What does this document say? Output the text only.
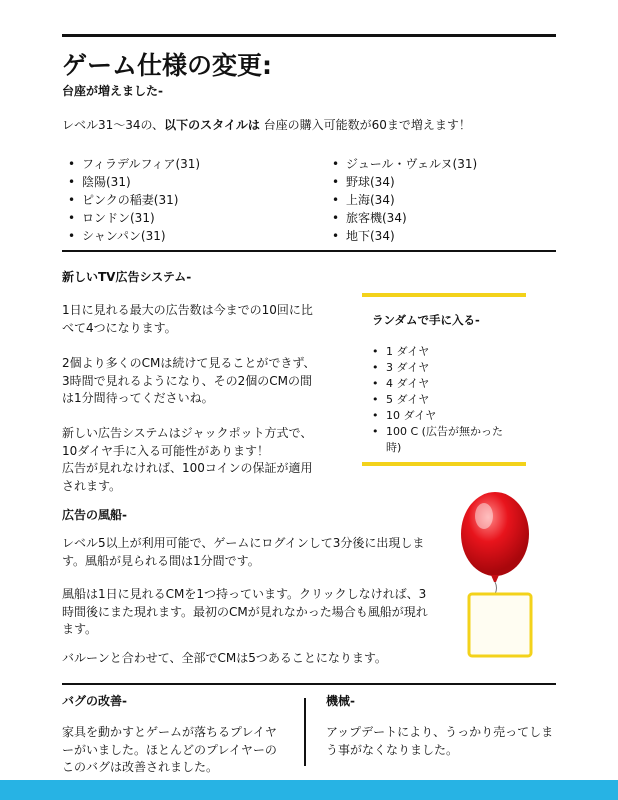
ゲーム仕様の変更:

台座が増えました-

レベル31〜34の、以下のスタイルは 台座の購入可能数が60まで増えます！

• フィラデルフィア(31)
• 陰陽(31)
• ピンクの稲妻(31)
• ロンドン(31)
• シャンパン(31)
• ジュール・ヴェルヌ(31)
• 野球(34)
• 上海(34)
• 旅客機(34)
• 地下(34)

新しいTV広告システム-

1日に見れる最大の広告数は今までの10回に比
べて4つになります。

2個より多くのCMは続けて見ることができず、
3時間で見れるようになり、その2個のCMの間
は1分間待ってくださいね。

新しい広告システムはジャックポット方式で、
10ダイヤ手に入る可能性があります！
広告が見れなければ、100コインの保証が適用
されます。

ランダムで手に入る-

• 1 ダイヤ
• 3 ダイヤ
• 4 ダイヤ
• 5 ダイヤ
• 10 ダイヤ
• 100 C (広告が無かった
時)

広告の風船-

レベル5以上が利用可能で、ゲームにログインして3分後に出現しま
す。風船が見られる間は1分間です。

風船は1日に見れるCMを1つ持っています。クリックしなければ、3
時間後にまた現れます。最初のCMが見れなかった場合も風船が現れ
ます。

バルーンと合わせて、全部でCMは5つあることになります。

バグの改善-

家具を動かすとゲームが落ちるプレイヤ
ーがいました。ほとんどのプレイヤーの
このバグは改善されました。

機械-

アップデートにより、うっかり売ってしま
う事がなくなりました。
